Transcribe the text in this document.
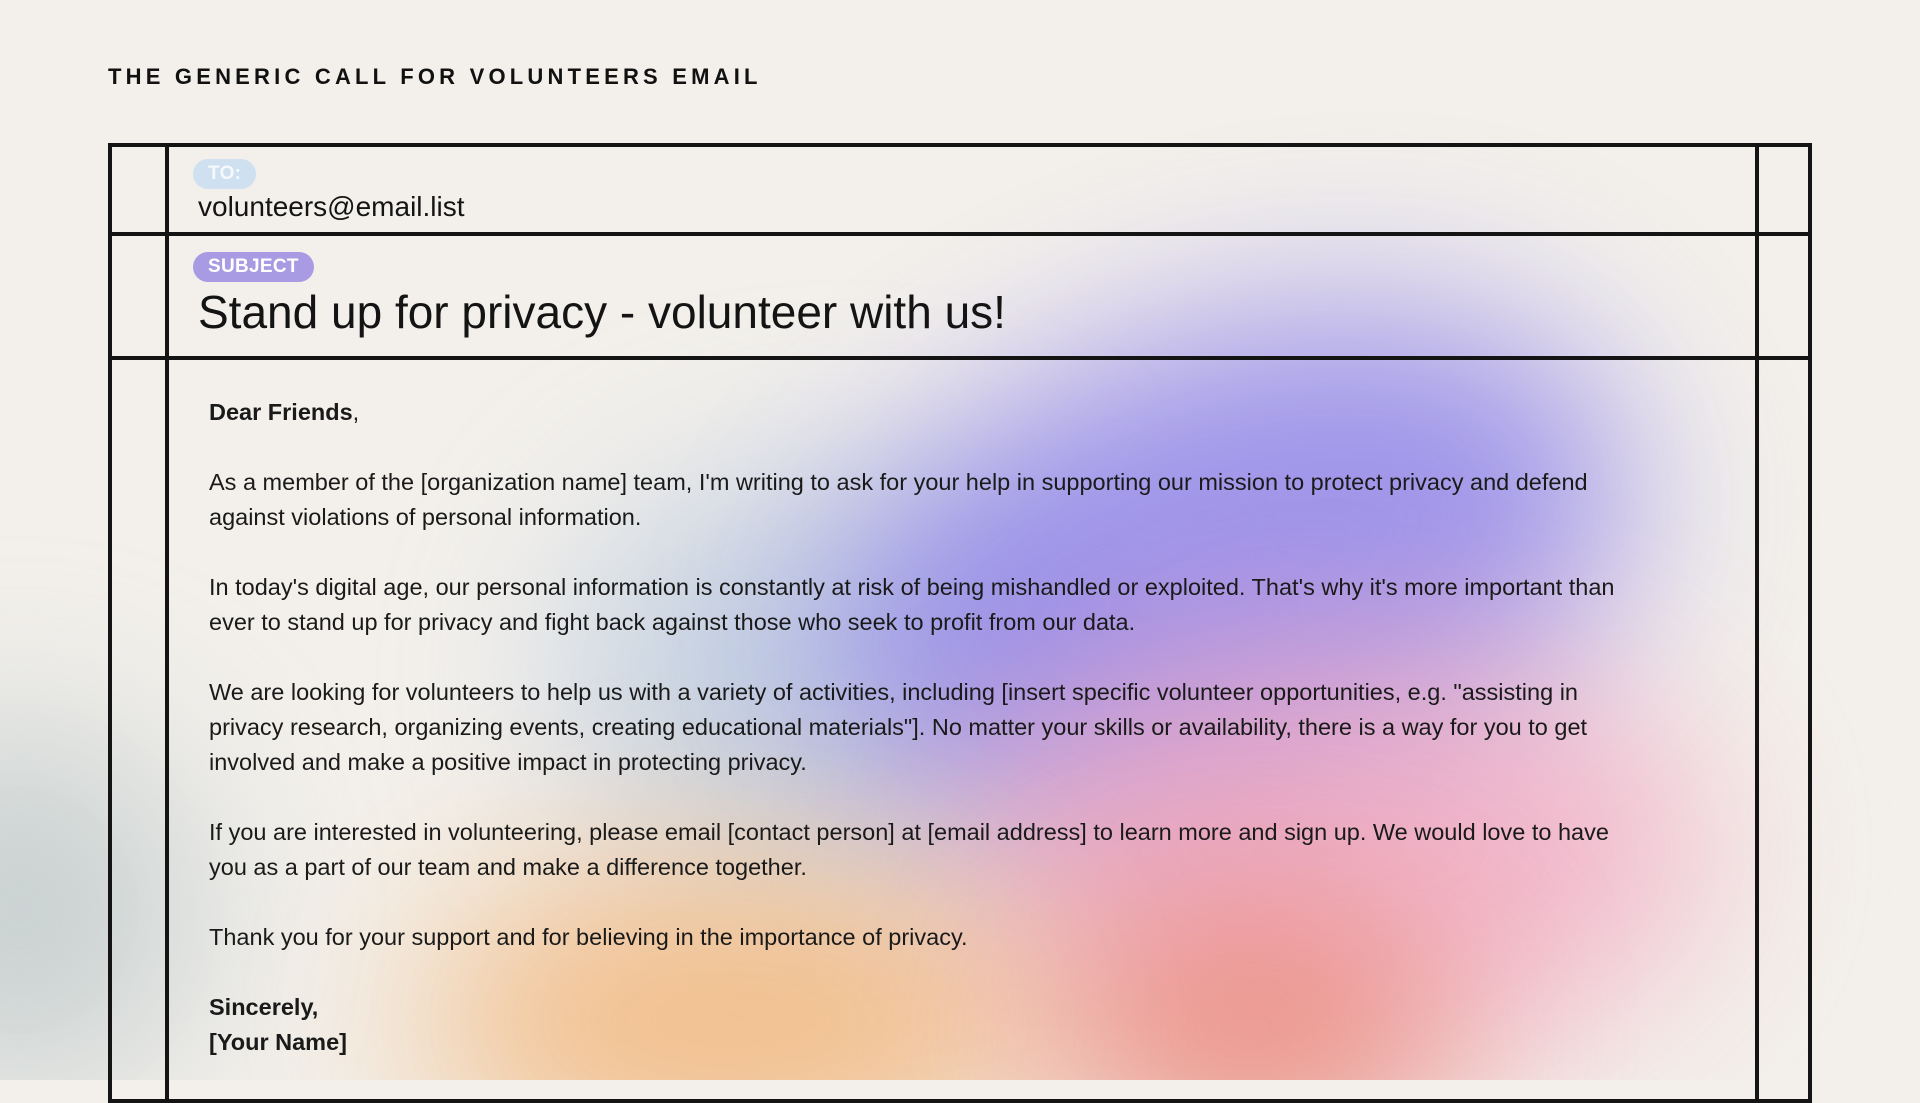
THE GENERIC CALL FOR VOLUNTEERS EMAIL
TO:
volunteers@email.list
SUBJECT
Stand up for privacy - volunteer with us!

Dear Friends,

As a member of the [organization name] team, I'm writing to ask for your help in supporting our mission to protect privacy and defend against violations of personal information.

In today's digital age, our personal information is constantly at risk of being mishandled or exploited. That's why it's more important than ever to stand up for privacy and fight back against those who seek to profit from our data.

We are looking for volunteers to help us with a variety of activities, including [insert specific volunteer opportunities, e.g. "assisting in privacy research, organizing events, creating educational materials"]. No matter your skills or availability, there is a way for you to get involved and make a positive impact in protecting privacy.

If you are interested in volunteering, please email [contact person] at [email address] to learn more and sign up. We would love to have you as a part of our team and make a difference together.

Thank you for your support and for believing in the importance of privacy.

Sincerely,
[Your Name]
